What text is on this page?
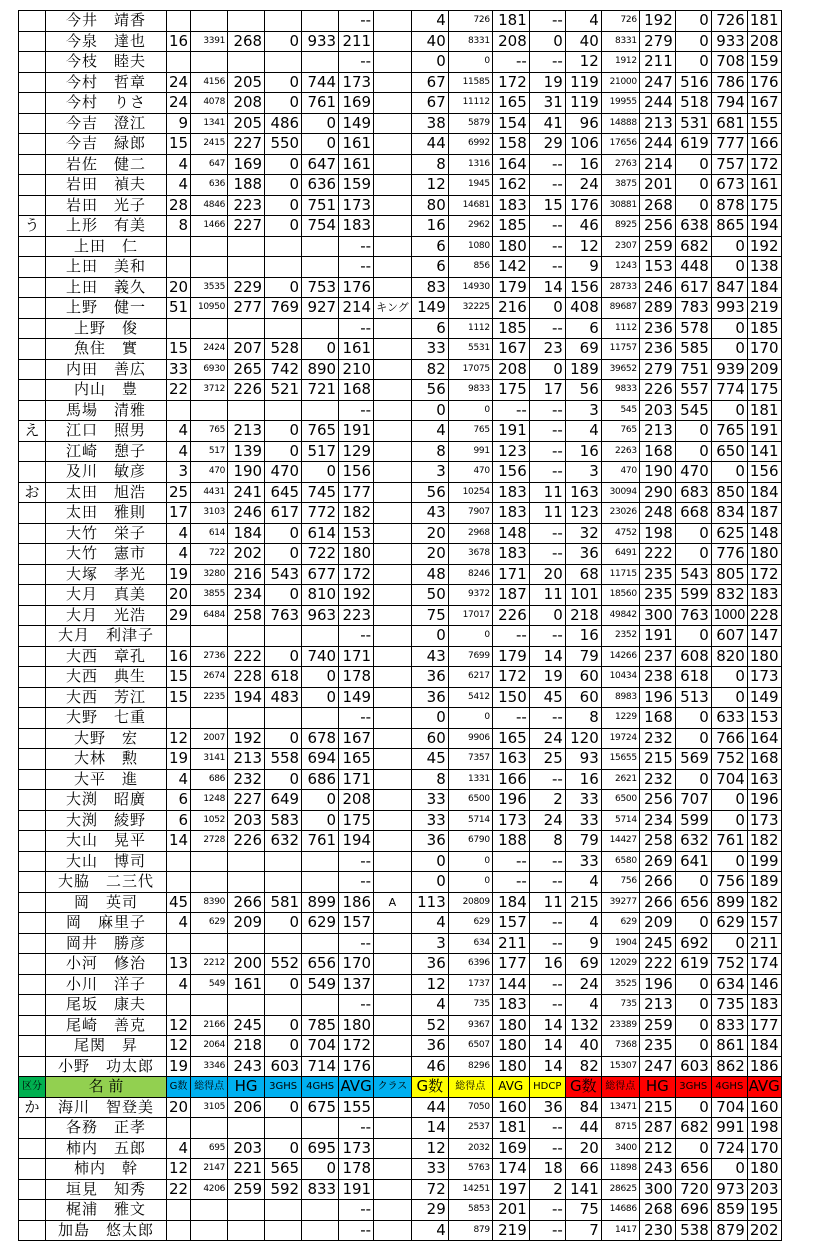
	今井　靖香						--		4	726	181	--	4	726	192	0	726	181
	今泉　達也	16	3391	268	0	933	211		40	8331	208	0	40	8331	279	0	933	208
	今枝　睦夫						--		0	0	--	--	12	1912	211	0	708	159
	今村　哲章	24	4156	205	0	744	173		67	11585	172	19	119	21000	247	516	786	176
	今村　りさ	24	4078	208	0	761	169		67	11112	165	31	119	19955	244	518	794	167
	今吉　澄江	9	1341	205	486	0	149		38	5879	154	41	96	14888	213	531	681	155
	今吉　緑郎	15	2415	227	550	0	161		44	6992	158	29	106	17656	244	619	777	166
	岩佐　健二	4	647	169	0	647	161		8	1316	164	--	16	2763	214	0	757	172
	岩田　禎夫	4	636	188	0	636	159		12	1945	162	--	24	3875	201	0	673	161
	岩田　光子	28	4846	223	0	751	173		80	14681	183	15	176	30881	268	0	878	175
う	上形　有美	8	1466	227	0	754	183		16	2962	185	--	46	8925	256	638	865	194
	上田　仁						--		6	1080	180	--	12	2307	259	682	0	192
	上田　美和						--		6	856	142	--	9	1243	153	448	0	138
	上田　義久	20	3535	229	0	753	176		83	14930	179	14	156	28733	246	617	847	184
	上野　健一	51	10950	277	769	927	214	キング	149	32225	216	0	408	89687	289	783	993	219
	上野　俊						--		6	1112	185	--	6	1112	236	578	0	185
	魚住　實	15	2424	207	528	0	161		33	5531	167	23	69	11757	236	585	0	170
	内田　善広	33	6930	265	742	890	210		82	17075	208	0	189	39652	279	751	939	209
	内山　豊	22	3712	226	521	721	168		56	9833	175	17	56	9833	226	557	774	175
	馬場　清雅						--		0	0	--	--	3	545	203	545	0	181
え	江口　照男	4	765	213	0	765	191		4	765	191	--	4	765	213	0	765	191
	江崎　憩子	4	517	139	0	517	129		8	991	123	--	16	2263	168	0	650	141
	及川　敏彦	3	470	190	470	0	156		3	470	156	--	3	470	190	470	0	156
お	太田　旭浩	25	4431	241	645	745	177		56	10254	183	11	163	30094	290	683	850	184
	太田　雅則	17	3103	246	617	772	182		43	7907	183	11	123	23026	248	668	834	187
	大竹　栄子	4	614	184	0	614	153		20	2968	148	--	32	4752	198	0	625	148
	大竹　憲市	4	722	202	0	722	180		20	3678	183	--	36	6491	222	0	776	180
	大塚　孝光	19	3280	216	543	677	172		48	8246	171	20	68	11715	235	543	805	172
	大月　真美	20	3855	234	0	810	192		50	9372	187	11	101	18560	235	599	832	183
	大月　光浩	29	6484	258	763	963	223		75	17017	226	0	218	49842	300	763	1000	228
	大月　利津子						--		0	0	--	--	16	2352	191	0	607	147
	大西　章孔	16	2736	222	0	740	171		43	7699	179	14	79	14266	237	608	820	180
	大西　典生	15	2674	228	618	0	178		36	6217	172	19	60	10434	238	618	0	173
	大西　芳江	15	2235	194	483	0	149		36	5412	150	45	60	8983	196	513	0	149
	大野　七重						--		0	0	--	--	8	1229	168	0	633	153
	大野　宏	12	2007	192	0	678	167		60	9906	165	24	120	19724	232	0	766	164
	大林　勲	19	3141	213	558	694	165		45	7357	163	25	93	15655	215	569	752	168
	大平　進	4	686	232	0	686	171		8	1331	166	--	16	2621	232	0	704	163
	大渕　昭廣	6	1248	227	649	0	208		33	6500	196	2	33	6500	256	707	0	196
	大渕　綾野	6	1052	203	583	0	175		33	5714	173	24	33	5714	234	599	0	173
	大山　晃平	14	2728	226	632	761	194		36	6790	188	8	79	14427	258	632	761	182
	大山　博司						--		0	0	--	--	33	6580	269	641	0	199
	大脇　二三代						--		0	0	--	--	4	756	266	0	756	189
	岡　英司	45	8390	266	581	899	186	A	113	20809	184	11	215	39277	266	656	899	182
	岡　麻里子	4	629	209	0	629	157		4	629	157	--	4	629	209	0	629	157
	岡井　勝彦						--		3	634	211	--	9	1904	245	692	0	211
	小河　修治	13	2212	200	552	656	170		36	6396	177	16	69	12029	222	619	752	174
	小川　洋子	4	549	161	0	549	137		12	1737	144	--	24	3525	196	0	634	146
	尾坂　康夫						--		4	735	183	--	4	735	213	0	735	183
	尾崎　善克	12	2166	245	0	785	180		52	9367	180	14	132	23389	259	0	833	177
	尾関　昇	12	2064	218	0	704	172		36	6507	180	14	40	7368	235	0	861	184
	小野　功太郎	19	3346	243	603	714	176		46	8296	180	14	82	15307	247	603	862	186
区分	名 前	G数	総得点	HG	3GHS	4GHS	AVG	クラス	G数	総得点	AVG	HDCP	G数	総得点	HG	3GHS	4GHS	AVG
か	海川　智登美	20	3105	206	0	675	155		44	7050	160	36	84	13471	215	0	704	160
	各務　正孝						--		14	2537	181	--	44	8715	287	682	991	198
	柿内　五郎	4	695	203	0	695	173		12	2032	169	--	20	3400	212	0	724	170
	柿内　幹	12	2147	221	565	0	178		33	5763	174	18	66	11898	243	656	0	180
	垣見　知秀	22	4206	259	592	833	191		72	14251	197	2	141	28625	300	720	973	203
	梶浦　雅文						--		29	5853	201	--	75	14686	268	696	859	195
	加島　悠太郎						--		4	879	219	--	7	1417	230	538	879	202
